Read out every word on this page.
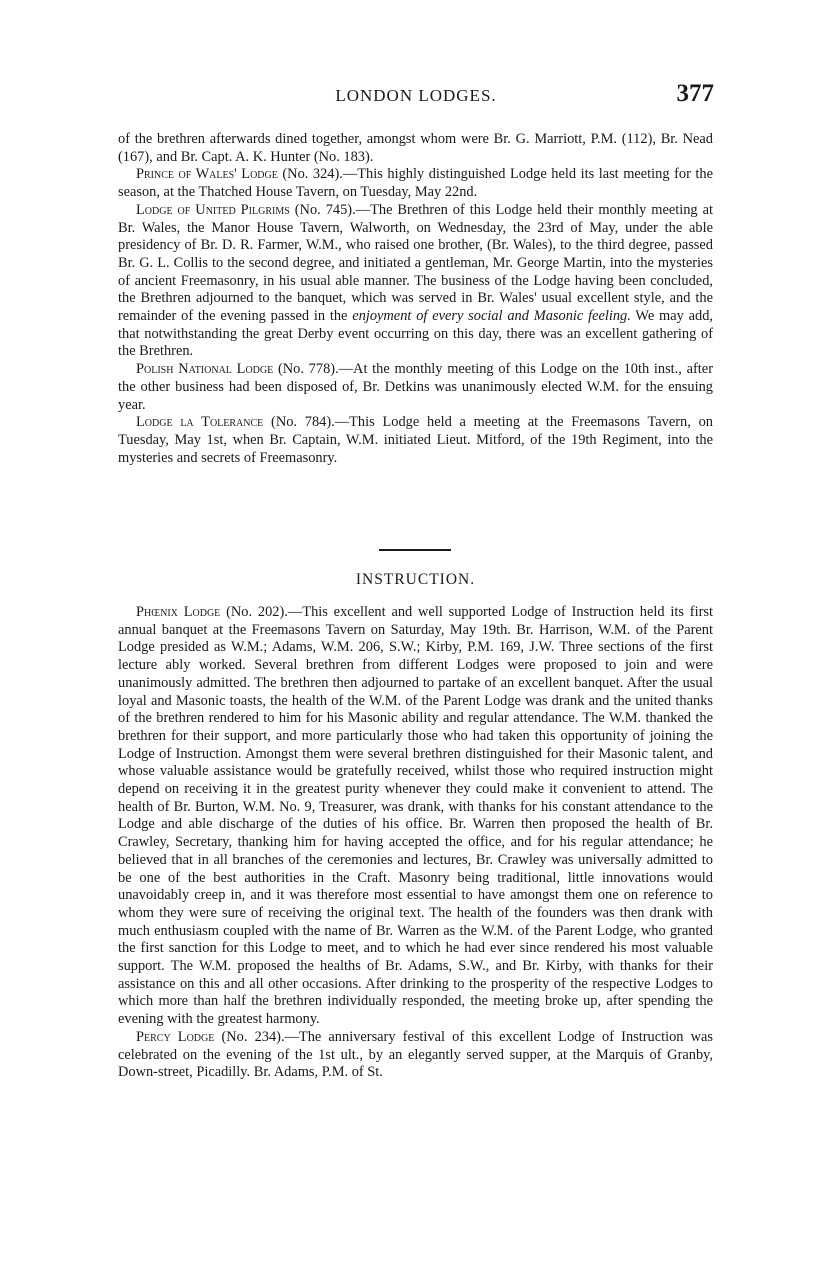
LONDON LODGES.	377

of the brethren afterwards dined together, amongst whom were Br. G. Marriott, P.M. (112), Br. Nead (167), and Br. Capt. A. K. Hunter (No. 183).

Prince of Wales' Lodge (No. 324).—This highly distinguished Lodge held its last meeting for the season, at the Thatched House Tavern, on Tuesday, May 22nd.

Lodge of United Pilgrims (No. 745).—The Brethren of this Lodge held their monthly meeting at Br. Wales, the Manor House Tavern, Walworth, on Wednesday, the 23rd of May, under the able presidency of Br. D. R. Farmer, W.M., who raised one brother, (Br. Wales), to the third degree, passed Br. G. L. Collis to the second degree, and initiated a gentleman, Mr. George Martin, into the mysteries of ancient Freemasonry, in his usual able manner. The business of the Lodge having been concluded, the Brethren adjourned to the banquet, which was served in Br. Wales' usual excellent style, and the remainder of the evening passed in the enjoyment of every social and Masonic feeling. We may add, that notwithstanding the great Derby event occurring on this day, there was an excellent gathering of the Brethren.

Polish National Lodge (No. 778).—At the monthly meeting of this Lodge on the 10th inst., after the other business had been disposed of, Br. Detkins was unanimously elected W.M. for the ensuing year.

Lodge la Tolerance (No. 784).—This Lodge held a meeting at the Freemasons Tavern, on Tuesday, May 1st, when Br. Captain, W.M. initiated Lieut. Mitford, of the 19th Regiment, into the mysteries and secrets of Freemasonry.

INSTRUCTION.

Phœnix Lodge (No. 202).—This excellent and well supported Lodge of Instruction held its first annual banquet at the Freemasons Tavern on Saturday, May 19th. Br. Harrison, W.M. of the Parent Lodge presided as W.M.; Adams, W.M. 206, S.W.; Kirby, P.M. 169, J.W. Three sections of the first lecture ably worked. Several brethren from different Lodges were proposed to join and were unanimously admitted. The brethren then adjourned to partake of an excellent banquet. After the usual loyal and Masonic toasts, the health of the W.M. of the Parent Lodge was drank and the united thanks of the brethren rendered to him for his Masonic ability and regular attendance. The W.M. thanked the brethren for their support, and more particularly those who had taken this opportunity of joining the Lodge of Instruction. Amongst them were several brethren distinguished for their Masonic talent, and whose valuable assistance would be gratefully received, whilst those who required instruction might depend on receiving it in the greatest purity whenever they could make it convenient to attend. The health of Br. Burton, W.M. No. 9, Treasurer, was drank, with thanks for his constant attendance to the Lodge and able discharge of the duties of his office. Br. Warren then proposed the health of Br. Crawley, Secretary, thanking him for having accepted the office, and for his regular attendance; he believed that in all branches of the ceremonies and lectures, Br. Crawley was universally admitted to be one of the best authorities in the Craft. Masonry being traditional, little innovations would unavoidably creep in, and it was therefore most essential to have amongst them one on reference to whom they were sure of receiving the original text. The health of the founders was then drank with much enthusiasm coupled with the name of Br. Warren as the W.M. of the Parent Lodge, who granted the first sanction for this Lodge to meet, and to which he had ever since rendered his most valuable support. The W.M. proposed the healths of Br. Adams, S.W., and Br. Kirby, with thanks for their assistance on this and all other occasions. After drinking to the prosperity of the respective Lodges to which more than half the brethren individually responded, the meeting broke up, after spending the evening with the greatest harmony.

Percy Lodge (No. 234).—The anniversary festival of this excellent Lodge of Instruction was celebrated on the evening of the 1st ult., by an elegantly served supper, at the Marquis of Granby, Down-street, Picadilly. Br. Adams, P.M. of St.
